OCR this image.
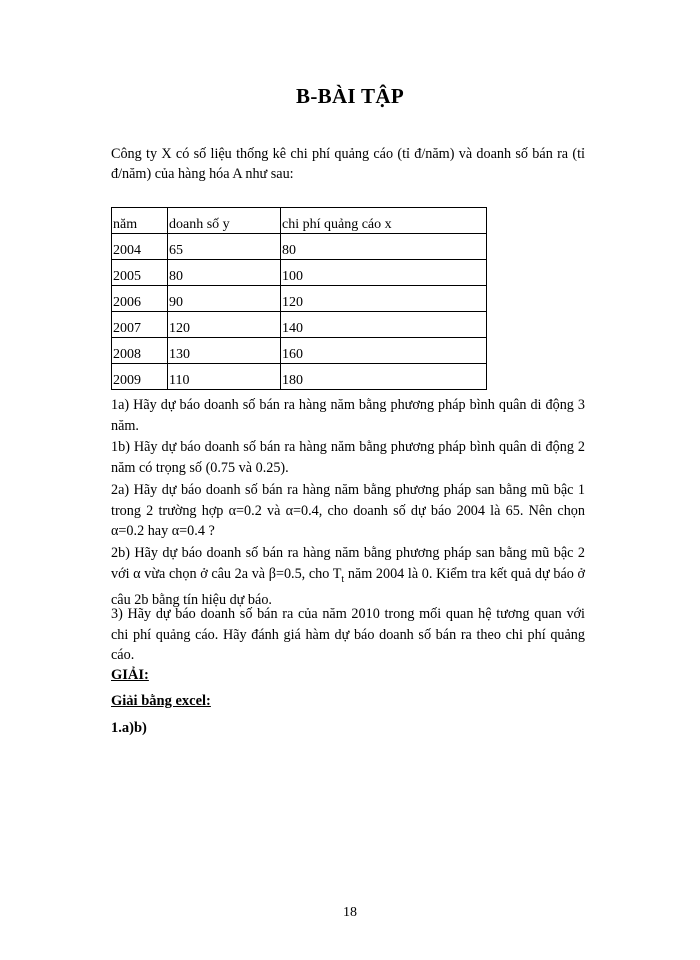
B-BÀI TẬP
Công ty X có số liệu thống kê chi phí quảng cáo (tỉ đ/năm) và doanh số bán ra (tỉ đ/năm) của hàng hóa A như sau:
năm	doanh số y	chi phí quảng cáo x
2004	65	80
2005	80	100
2006	90	120
2007	120	140
2008	130	160
2009	110	180
1a) Hãy dự báo doanh số bán ra hàng năm bằng phương pháp bình quân di động 3 năm.
1b) Hãy dự báo doanh số bán ra hàng năm bằng phương pháp bình quân di động 2 năm có trọng số (0.75 và 0.25).
2a) Hãy dự báo doanh số bán ra hàng năm bằng phương pháp san bằng mũ bậc 1 trong 2 trường hợp α=0.2 và α=0.4, cho doanh số dự báo 2004 là 65. Nên chọn α=0.2 hay α=0.4 ?
2b) Hãy dự báo doanh số bán ra hàng năm bằng phương pháp san bằng mũ bậc 2 với α vừa chọn ở câu 2a và β=0.5, cho $T_t$ năm 2004 là 0. Kiểm tra kết quả dự báo ở câu 2b bằng tín hiệu dự báo.
3) Hãy dự báo doanh số bán ra của năm 2010 trong mối quan hệ tương quan với chi phí quảng cáo. Hãy đánh giá hàm dự báo doanh số bán ra theo chi phí quảng cáo.
GIẢI:
Giải bằng excel:
1.a)b)
18
